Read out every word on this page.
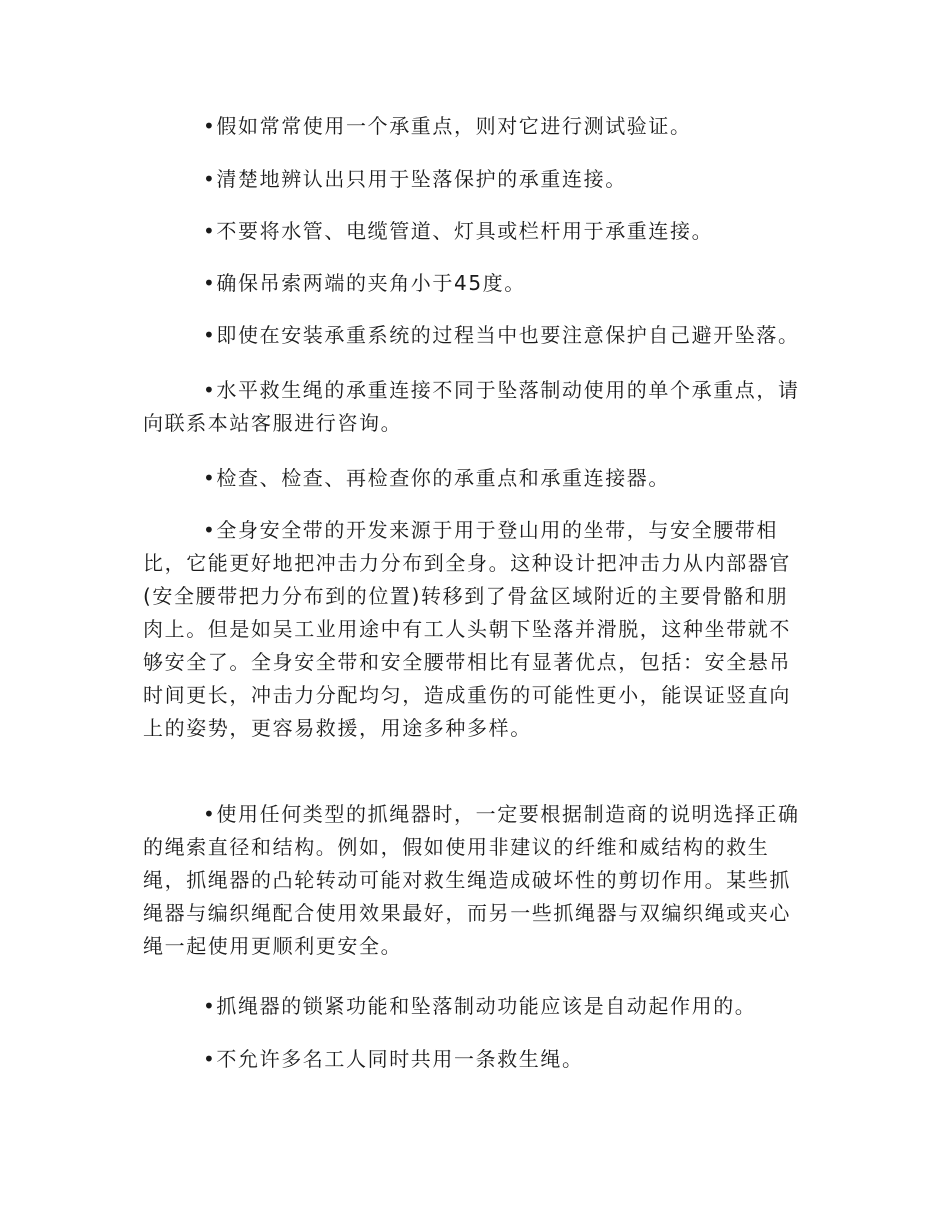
•假如常常使用一个承重点，则对它进行测试验证。

•清楚地辨认出只用于坠落保护的承重连接。

•不要将水管、电缆管道、灯具或栏杆用于承重连接。

•确保吊索两端的夹角小于45度。

•即使在安装承重系统的过程当中也要注意保护自己避开坠落。

•水平救生绳的承重连接不同于坠落制动使用的单个承重点，请向联系本站客服进行咨询。

•检查、检查、再检查你的承重点和承重连接器。

•全身安全带的开发来源于用于登山用的坐带，与安全腰带相比，它能更好地把冲击力分布到全身。这种设计把冲击力从内部器官(安全腰带把力分布到的位置)转移到了骨盆区域附近的主要骨骼和朋肉上。但是如吴工业用途中有工人头朝下坠落并滑脱，这种坐带就不够安全了。全身安全带和安全腰带相比有显著优点，包括：安全悬吊时间更长，冲击力分配均匀，造成重伤的可能性更小，能误证竖直向上的姿势，更容易救援，用途多种多样。

•使用任何类型的抓绳器时，一定要根据制造商的说明选择正确的绳索直径和结构。例如，假如使用非建议的纤维和威结构的救生绳，抓绳器的凸轮转动可能对救生绳造成破坏性的剪切作用。某些抓绳器与编织绳配合使用效果最好，而另一些抓绳器与双编织绳或夹心绳一起使用更顺利更安全。

•抓绳器的锁紧功能和坠落制动功能应该是自动起作用的。

•不允许多名工人同时共用一条救生绳。
